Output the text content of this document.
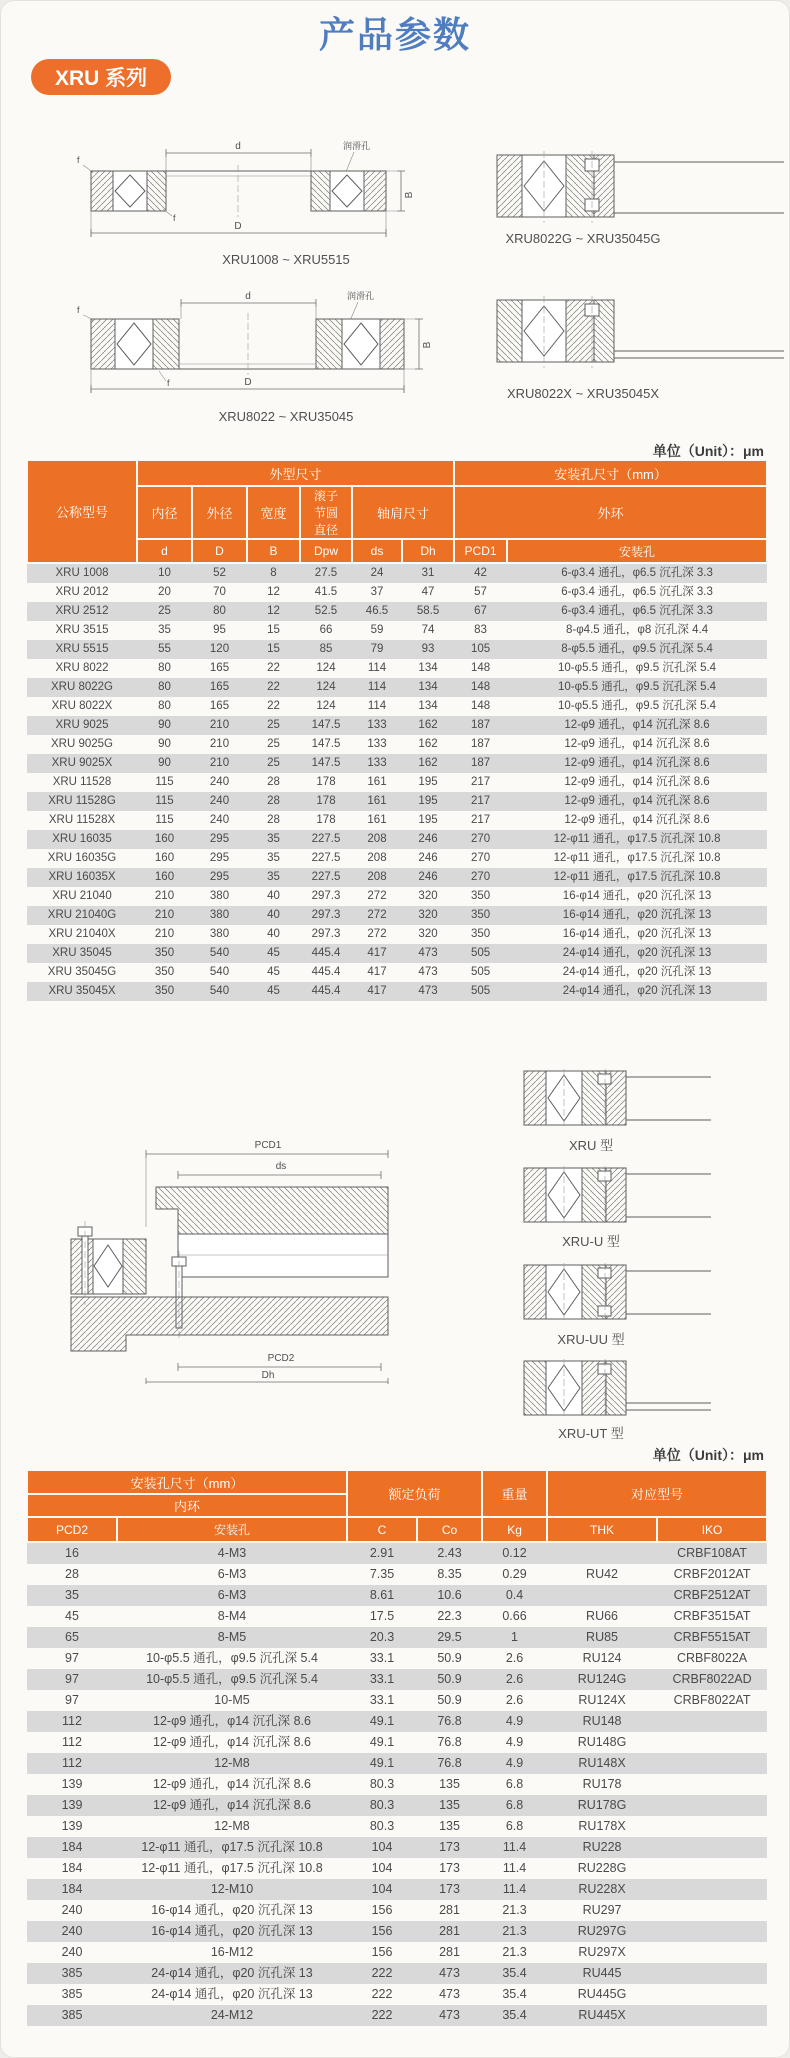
产品参数
XRU 系列
d
f
润滑孔
f
B
D
XRU1008 ~ XRU5515
XRU8022G ~ XRU35045G
d
f
润滑孔
f
B
D
XRU8022 ~ XRU35045
XRU8022X ~ XRU35045X
单位（Unit）：μm
公称型号	外型尺寸						安装孔尺寸（mm）	
	内径	外径	宽度	滚子节圆直径	轴肩尺寸		外环	
	d	D	B	Dpw	ds	Dh	PCD1	安装孔
XRU 1008	10	52	8	27.5	24	31	42	6-φ3.4 通孔，φ6.5 沉孔深 3.3
XRU 2012	20	70	12	41.5	37	47	57	6-φ3.4 通孔，φ6.5 沉孔深 3.3
XRU 2512	25	80	12	52.5	46.5	58.5	67	6-φ3.4 通孔，φ6.5 沉孔深 3.3
XRU 3515	35	95	15	66	59	74	83	8-φ4.5 通孔，φ8 沉孔深 4.4
XRU 5515	55	120	15	85	79	93	105	8-φ5.5 通孔，φ9.5 沉孔深 5.4
XRU 8022	80	165	22	124	114	134	148	10-φ5.5 通孔，φ9.5 沉孔深 5.4
XRU 8022G	80	165	22	124	114	134	148	10-φ5.5 通孔，φ9.5 沉孔深 5.4
XRU 8022X	80	165	22	124	114	134	148	10-φ5.5 通孔，φ9.5 沉孔深 5.4
XRU 9025	90	210	25	147.5	133	162	187	12-φ9 通孔，φ14 沉孔深 8.6
XRU 9025G	90	210	25	147.5	133	162	187	12-φ9 通孔，φ14 沉孔深 8.6
XRU 9025X	90	210	25	147.5	133	162	187	12-φ9 通孔，φ14 沉孔深 8.6
XRU 11528	115	240	28	178	161	195	217	12-φ9 通孔，φ14 沉孔深 8.6
XRU 11528G	115	240	28	178	161	195	217	12-φ9 通孔，φ14 沉孔深 8.6
XRU 11528X	115	240	28	178	161	195	217	12-φ9 通孔，φ14 沉孔深 8.6
XRU 16035	160	295	35	227.5	208	246	270	12-φ11 通孔，φ17.5 沉孔深 10.8
XRU 16035G	160	295	35	227.5	208	246	270	12-φ11 通孔，φ17.5 沉孔深 10.8
XRU 16035X	160	295	35	227.5	208	246	270	12-φ11 通孔，φ17.5 沉孔深 10.8
XRU 21040	210	380	40	297.3	272	320	350	16-φ14 通孔，φ20 沉孔深 13
XRU 21040G	210	380	40	297.3	272	320	350	16-φ14 通孔，φ20 沉孔深 13
XRU 21040X	210	380	40	297.3	272	320	350	16-φ14 通孔，φ20 沉孔深 13
XRU 35045	350	540	45	445.4	417	473	505	24-φ14 通孔，φ20 沉孔深 13
XRU 35045G	350	540	45	445.4	417	473	505	24-φ14 通孔，φ20 沉孔深 13
XRU 35045X	350	540	45	445.4	417	473	505	24-φ14 通孔，φ20 沉孔深 13
PCD1
ds
PCD2
Dh
XRU 型
XRU-U 型
XRU-UU 型
XRU-UT 型
单位（Unit）：μm
安装孔尺寸（mm）		额定负荷		重量	对应型号	
内环						
PCD2	安装孔	C	Co	Kg	THK	IKO
16	4-M3	2.91	2.43	0.12		CRBF108AT
28	6-M3	7.35	8.35	0.29	RU42	CRBF2012AT
35	6-M3	8.61	10.6	0.4		CRBF2512AT
45	8-M4	17.5	22.3	0.66	RU66	CRBF3515AT
65	8-M5	20.3	29.5	1	RU85	CRBF5515AT
97	10-φ5.5 通孔，φ9.5 沉孔深 5.4	33.1	50.9	2.6	RU124	CRBF8022A
97	10-φ5.5 通孔，φ9.5 沉孔深 5.4	33.1	50.9	2.6	RU124G	CRBF8022AD
97	10-M5	33.1	50.9	2.6	RU124X	CRBF8022AT
112	12-φ9 通孔，φ14 沉孔深 8.6	49.1	76.8	4.9	RU148	
112	12-φ9 通孔，φ14 沉孔深 8.6	49.1	76.8	4.9	RU148G	
112	12-M8	49.1	76.8	4.9	RU148X	
139	12-φ9 通孔，φ14 沉孔深 8.6	80.3	135	6.8	RU178	
139	12-φ9 通孔，φ14 沉孔深 8.6	80.3	135	6.8	RU178G	
139	12-M8	80.3	135	6.8	RU178X	
184	12-φ11 通孔，φ17.5 沉孔深 10.8	104	173	11.4	RU228	
184	12-φ11 通孔，φ17.5 沉孔深 10.8	104	173	11.4	RU228G	
184	12-M10	104	173	11.4	RU228X	
240	16-φ14 通孔，φ20 沉孔深 13	156	281	21.3	RU297	
240	16-φ14 通孔，φ20 沉孔深 13	156	281	21.3	RU297G	
240	16-M12	156	281	21.3	RU297X	
385	24-φ14 通孔，φ20 沉孔深 13	222	473	35.4	RU445	
385	24-φ14 通孔，φ20 沉孔深 13	222	473	35.4	RU445G	
385	24-M12	222	473	35.4	RU445X	
